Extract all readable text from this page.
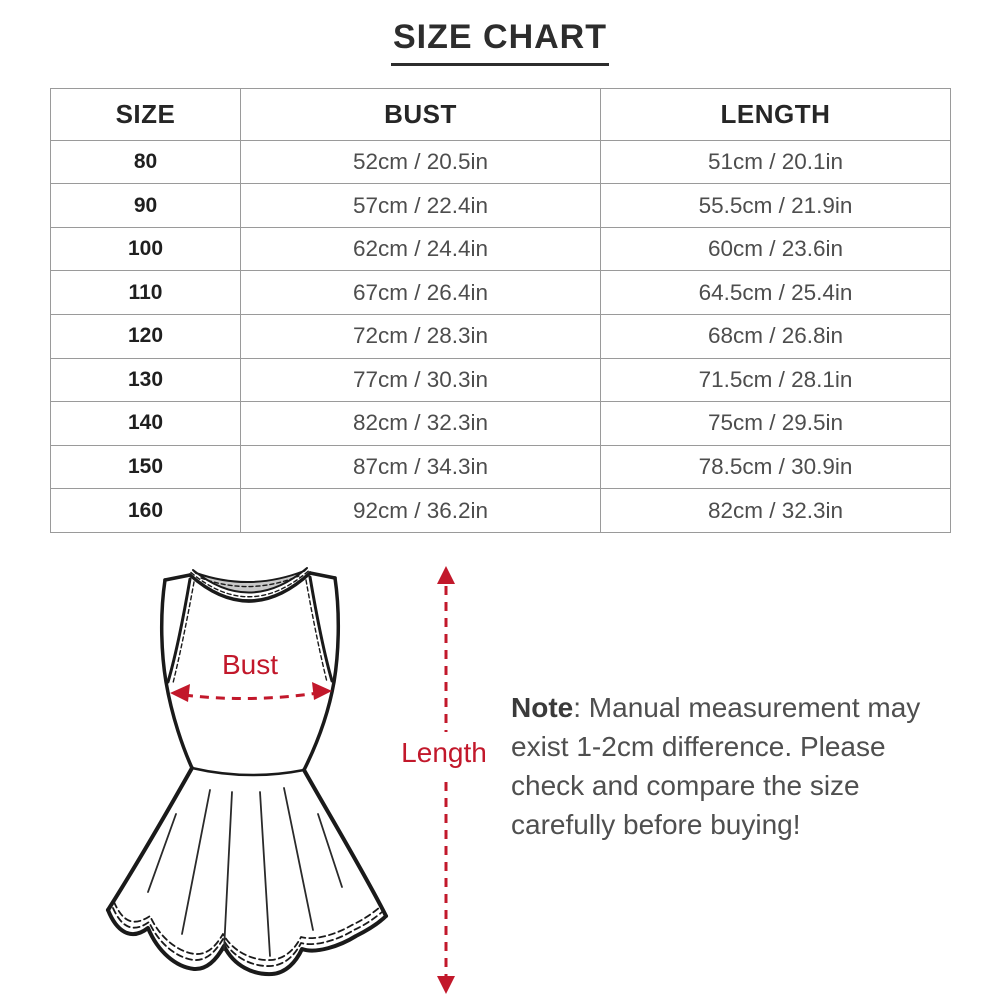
SIZE CHART
SIZE	BUST	LENGTH
80	52cm / 20.5in	51cm / 20.1in
90	57cm / 22.4in	55.5cm / 21.9in
100	62cm / 24.4in	60cm / 23.6in
110	67cm / 26.4in	64.5cm / 25.4in
120	72cm / 28.3in	68cm / 26.8in
130	77cm / 30.3in	71.5cm / 28.1in
140	82cm / 32.3in	75cm / 29.5in
150	87cm / 34.3in	78.5cm / 30.9in
160	92cm / 36.2in	82cm / 32.3in
Bust
Length

Note: Manual measurement may exist 1-2cm difference. Please check and compare the size carefully before buying!
